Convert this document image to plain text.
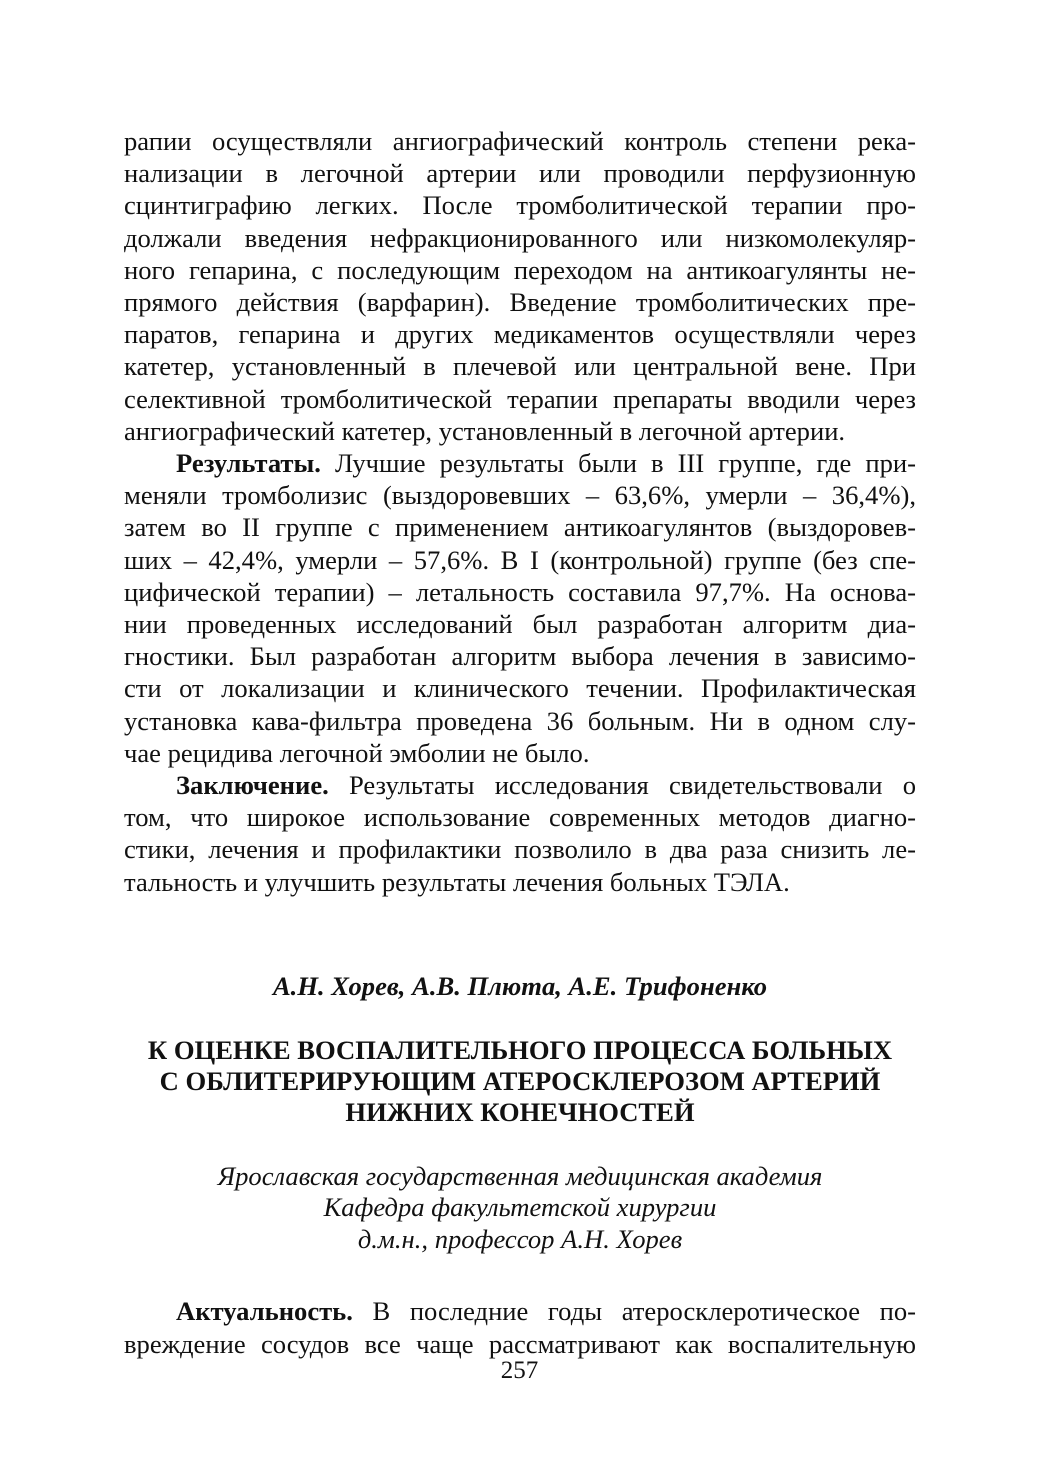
рапии осуществляли ангиографический контроль степени река-
нализации в легочной артерии или проводили перфузионную
сцинтиграфию легких. После тромболитической терапии про-
должали введения нефракционированного или низкомолекуляр-
ного гепарина, с последующим переходом на антикоагулянты не-
прямого действия (варфарин). Введение тромболитических пре-
паратов, гепарина и других медикаментов осуществляли через
катетер, установленный в плечевой или центральной вене. При
селективной тромболитической терапии препараты вводили через
ангиографический катетер, установленный в легочной артерии.

Результаты. Лучшие результаты были в III группе, где при-
меняли тромболизис (выздоровевших – 63,6%, умерли – 36,4%),
затем во II группе с применением антикоагулянтов (выздоровев-
ших – 42,4%, умерли – 57,6%. В I (контрольной) группе (без спе-
цифической терапии) – летальность составила 97,7%. На основа-
нии проведенных исследований был разработан алгоритм диа-
гностики. Был разработан алгоритм выбора лечения в зависимо-
сти от локализации и клинического течении. Профилактическая
установка кава-фильтра проведена 36 больным. Ни в одном слу-
чае рецидива легочной эмболии не было.

Заключение. Результаты исследования свидетельствовали о
том, что широкое использование современных методов диагно-
стики, лечения и профилактики позволило в два раза снизить ле-
тальность и улучшить результаты лечения больных ТЭЛА.

А.Н. Хорев, А.В. Плюта, А.Е. Трифоненко
К ОЦЕНКЕ ВОСПАЛИТЕЛЬНОГО ПРОЦЕССА БОЛЬНЫХ
С ОБЛИТЕРИРУЮЩИМ АТЕРОСКЛЕРОЗОМ АРТЕРИЙ
НИЖНИХ КОНЕЧНОСТЕЙ
Ярославская государственная медицинская академия
Кафедра факультетской хирургии
д.м.н., профессор А.Н. Хорев

Актуальность. В последние годы атеросклеротическое по-
вреждение сосудов все чаще рассматривают как воспалительную

257
